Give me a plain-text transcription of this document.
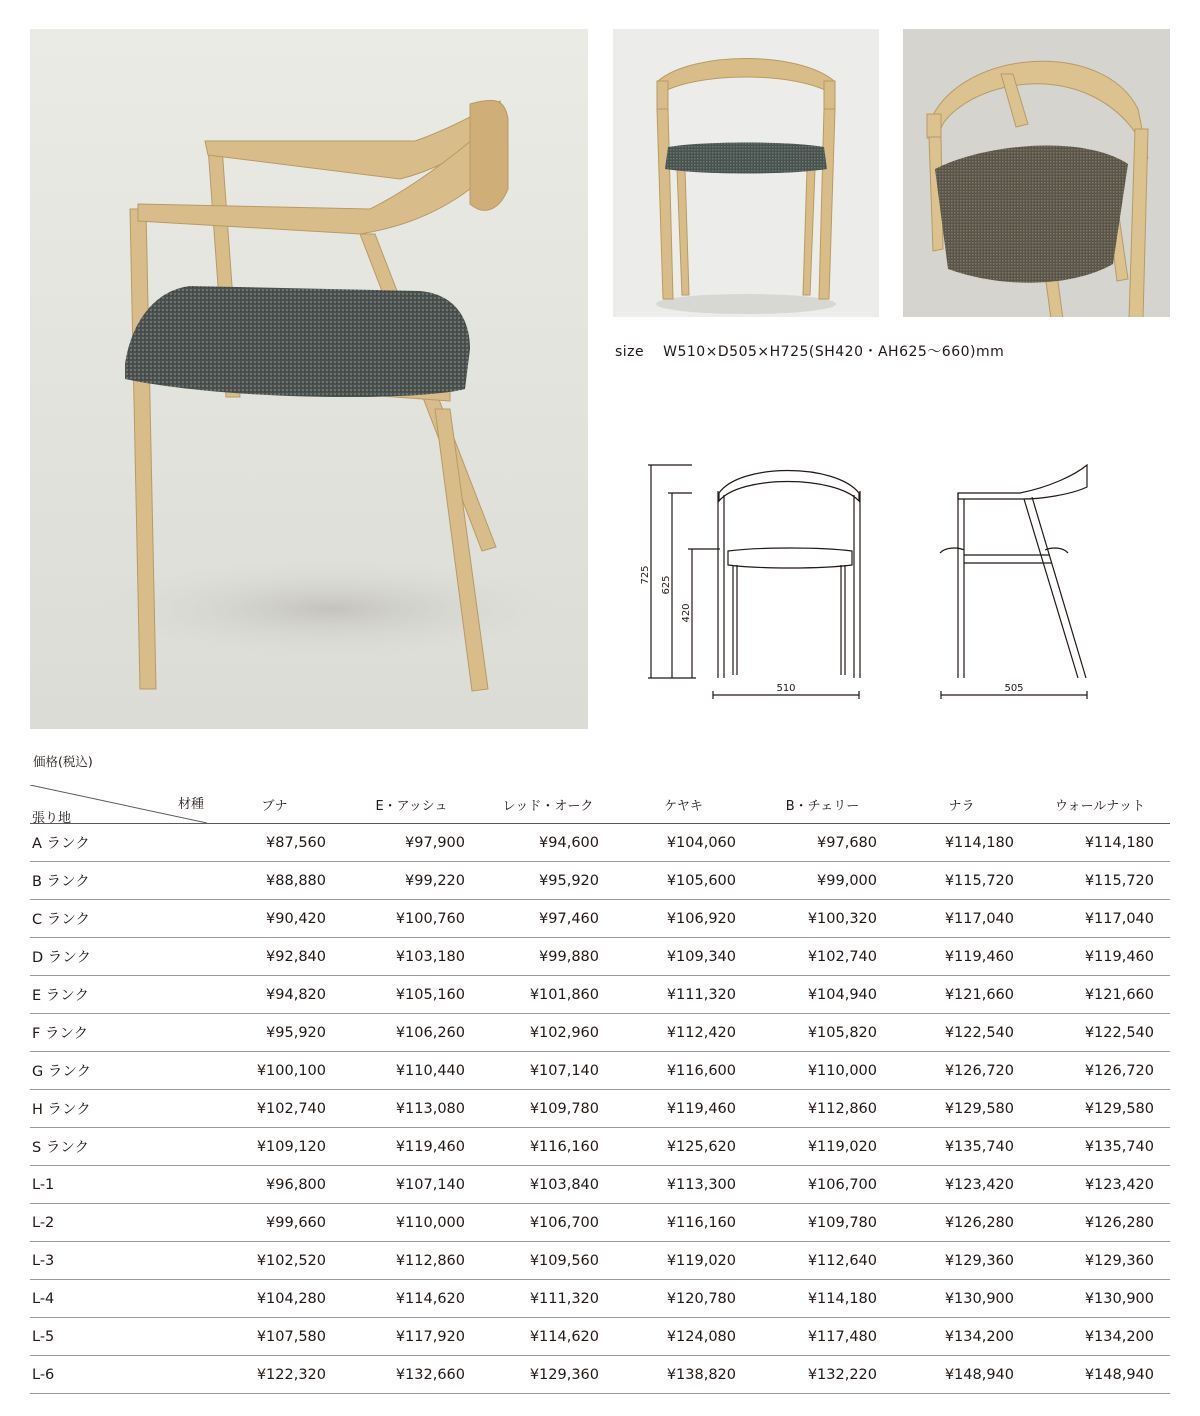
size W510×D505×H725(SH420・AH625〜660)mm
725
625
420
510	505
価格(税込)
材種
張り地	ブナ	E・アッシュ	レッド・オーク	ケヤキ	B・チェリー	ナラ	ウォールナット
A ランク	¥87,560	¥97,900	¥94,600	¥104,060	¥97,680	¥114,180	¥114,180
B ランク	¥88,880	¥99,220	¥95,920	¥105,600	¥99,000	¥115,720	¥115,720
C ランク	¥90,420	¥100,760	¥97,460	¥106,920	¥100,320	¥117,040	¥117,040
D ランク	¥92,840	¥103,180	¥99,880	¥109,340	¥102,740	¥119,460	¥119,460
E ランク	¥94,820	¥105,160	¥101,860	¥111,320	¥104,940	¥121,660	¥121,660
F ランク	¥95,920	¥106,260	¥102,960	¥112,420	¥105,820	¥122,540	¥122,540
G ランク	¥100,100	¥110,440	¥107,140	¥116,600	¥110,000	¥126,720	¥126,720
H ランク	¥102,740	¥113,080	¥109,780	¥119,460	¥112,860	¥129,580	¥129,580
S ランク	¥109,120	¥119,460	¥116,160	¥125,620	¥119,020	¥135,740	¥135,740
L-1	¥96,800	¥107,140	¥103,840	¥113,300	¥106,700	¥123,420	¥123,420
L-2	¥99,660	¥110,000	¥106,700	¥116,160	¥109,780	¥126,280	¥126,280
L-3	¥102,520	¥112,860	¥109,560	¥119,020	¥112,640	¥129,360	¥129,360
L-4	¥104,280	¥114,620	¥111,320	¥120,780	¥114,180	¥130,900	¥130,900
L-5	¥107,580	¥117,920	¥114,620	¥124,080	¥117,480	¥134,200	¥134,200
L-6	¥122,320	¥132,660	¥129,360	¥138,820	¥132,220	¥148,940	¥148,940
